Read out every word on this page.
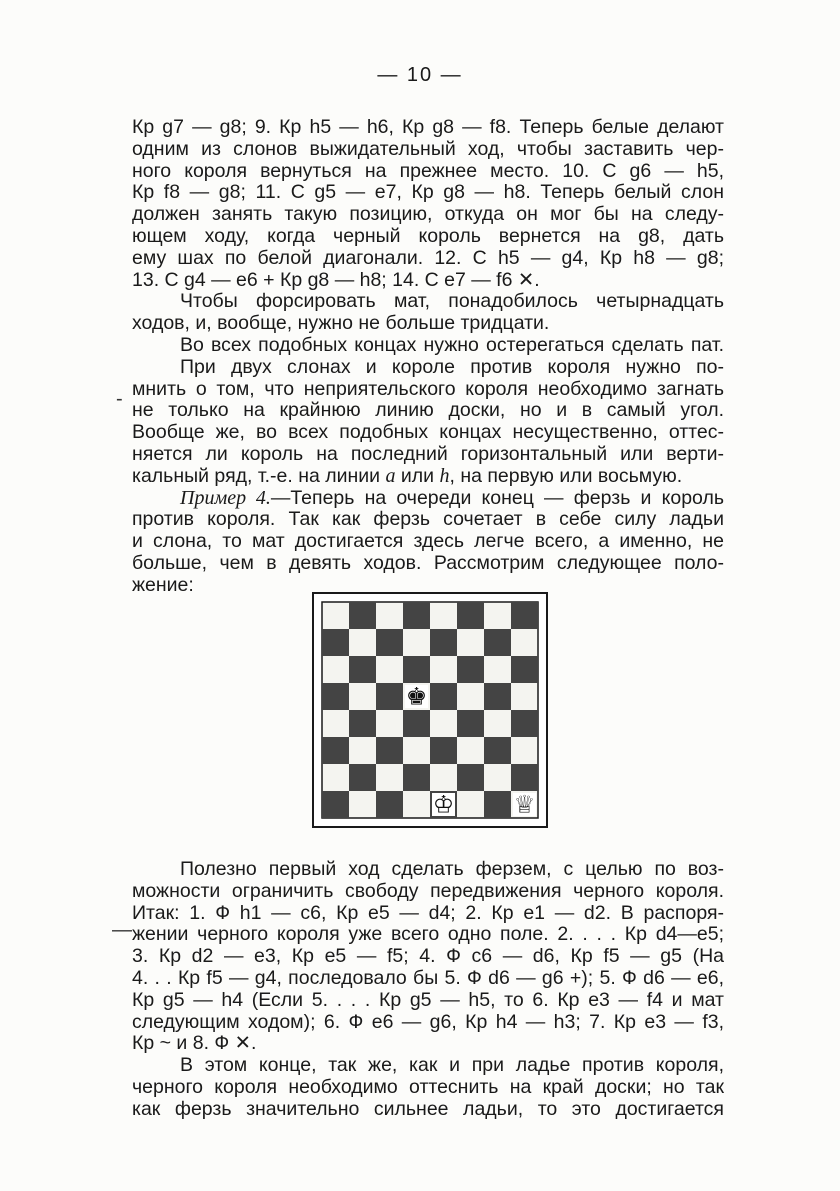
— 10 —
-
—
Кр g7 — g8; 9. Кр h5 — h6, Кр g8 — f8. Теперь белые делают
одним из слонов выжидательный ход, чтобы заставить чер-
ного короля вернуться на прежнее место. 10. С g6 — h5,
Кр f8 — g8; 11. С g5 — e7, Кр g8 — h8. Теперь белый слон
должен занять такую позицию, откуда он мог бы на следу-
ющем ходу, когда черный король вернется на g8, дать
ему шах по белой диагонали. 12. С h5 — g4, Кр h8 — g8;
13. С g4 — e6 + Кр g8 — h8; 14. С e7 — f6 ✕.
Чтобы форсировать мат, понадобилось четырнадцать
ходов, и, вообще, нужно не больше тридцати.
Во всех подобных концах нужно остерегаться сделать пат.
При двух слонах и короле против короля нужно по-
мнить о том, что неприятельского короля необходимо загнать
не только на крайнюю линию доски, но и в самый угол.
Вообще же, во всех подобных концах несущественно, оттес-
няется ли король на последний горизонтальный или верти-
кальный ряд, т.-е. на линии a или h, на первую или восьмую.
Пример 4.—Теперь на очереди конец — ферзь и король
против короля. Так как ферзь сочетает в себе силу ладьи
и слона, то мат достигается здесь легче всего, а именно, не
больше, чем в девять ходов. Рассмотрим следующее поло-
жение:
♚
♔ ♕
Полезно первый ход сделать ферзем, с целью по воз-
можности ограничить свободу передвижения черного короля.
Итак: 1. Ф h1 — c6, Кр e5 — d4; 2. Кр e1 — d2. В распоря-
жении черного короля уже всего одно поле. 2. . . . Кр d4—e5;
3. Кр d2 — e3, Кр e5 — f5; 4. Ф c6 — d6, Кр f5 — g5 (На
4. . . Кр f5 — g4, последовало бы 5. Ф d6 — g6 +); 5. Ф d6 — e6,
Кр g5 — h4 (Если 5. . . . Кр g5 — h5, то 6. Кр e3 — f4 и мат
следующим ходом); 6. Ф e6 — g6, Кр h4 — h3; 7. Кр e3 — f3,
Кр ~ и 8. Ф ✕.
В этом конце, так же, как и при ладье против короля,
черного короля необходимо оттеснить на край доски; но так
как ферзь значительно сильнее ладьи, то это достигается
